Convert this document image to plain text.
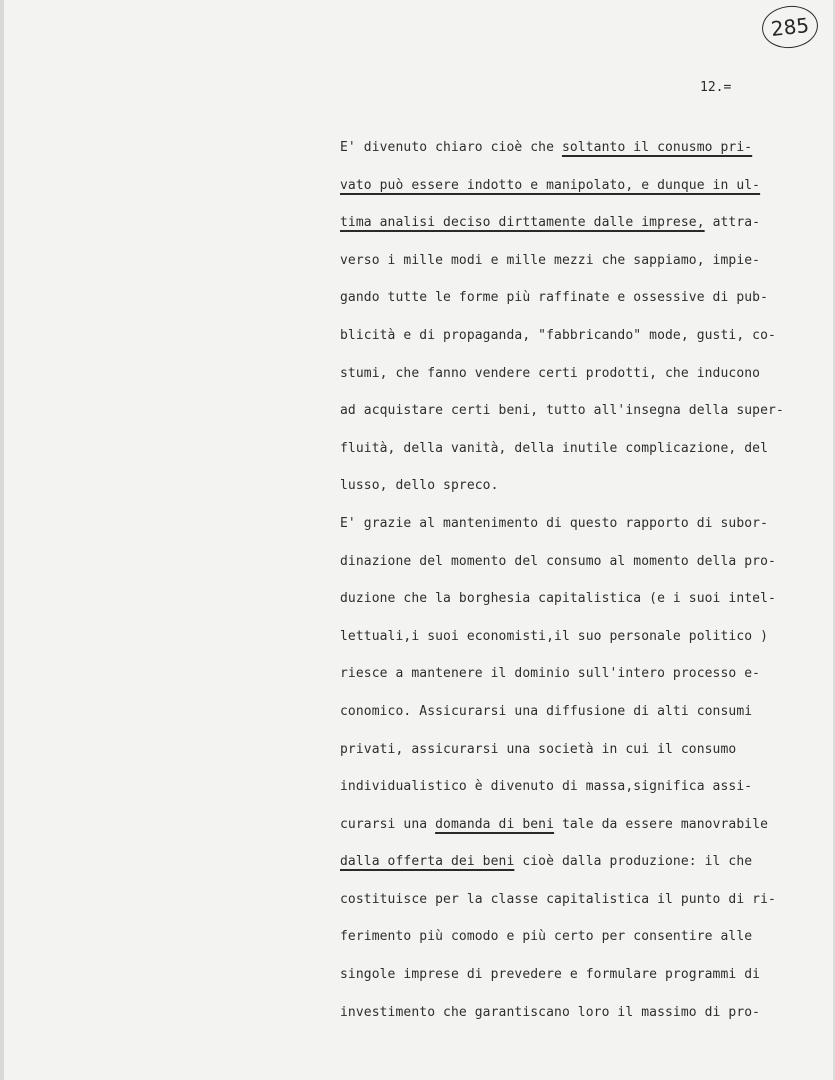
285
12.=
E' divenuto chiaro cioè che soltanto il conusmo pri-
vato può essere indotto e manipolato, e dunque in ul-
tima analisi deciso dirttamente dalle imprese, attra-
verso i mille modi e mille mezzi che sappiamo, impie-
gando tutte le forme più raffinate e ossessive di pub-
blicità e di propaganda, "fabbricando" mode, gusti, co-
stumi, che fanno vendere certi prodotti, che inducono
ad acquistare certi beni, tutto all'insegna della super-
fluità, della vanità, della inutile complicazione, del
lusso, dello spreco.
E' grazie al mantenimento di questo rapporto di subor-
dinazione del momento del consumo al momento della pro-
duzione che la borghesia capitalistica (e i suoi intel-
lettuali,i suoi economisti,il suo personale politico )
riesce a mantenere il dominio sull'intero processo e-
conomico. Assicurarsi una diffusione di alti consumi
privati, assicurarsi una società in cui il consumo
individualistico è divenuto di massa,significa assi-
curarsi una domanda di beni tale da essere manovrabile
dalla offerta dei beni cioè dalla produzione: il che
costituisce per la classe capitalistica il punto di ri-
ferimento più comodo e più certo per consentire alle
singole imprese di prevedere e formulare programmi di
investimento che garantiscano loro il massimo di pro-
